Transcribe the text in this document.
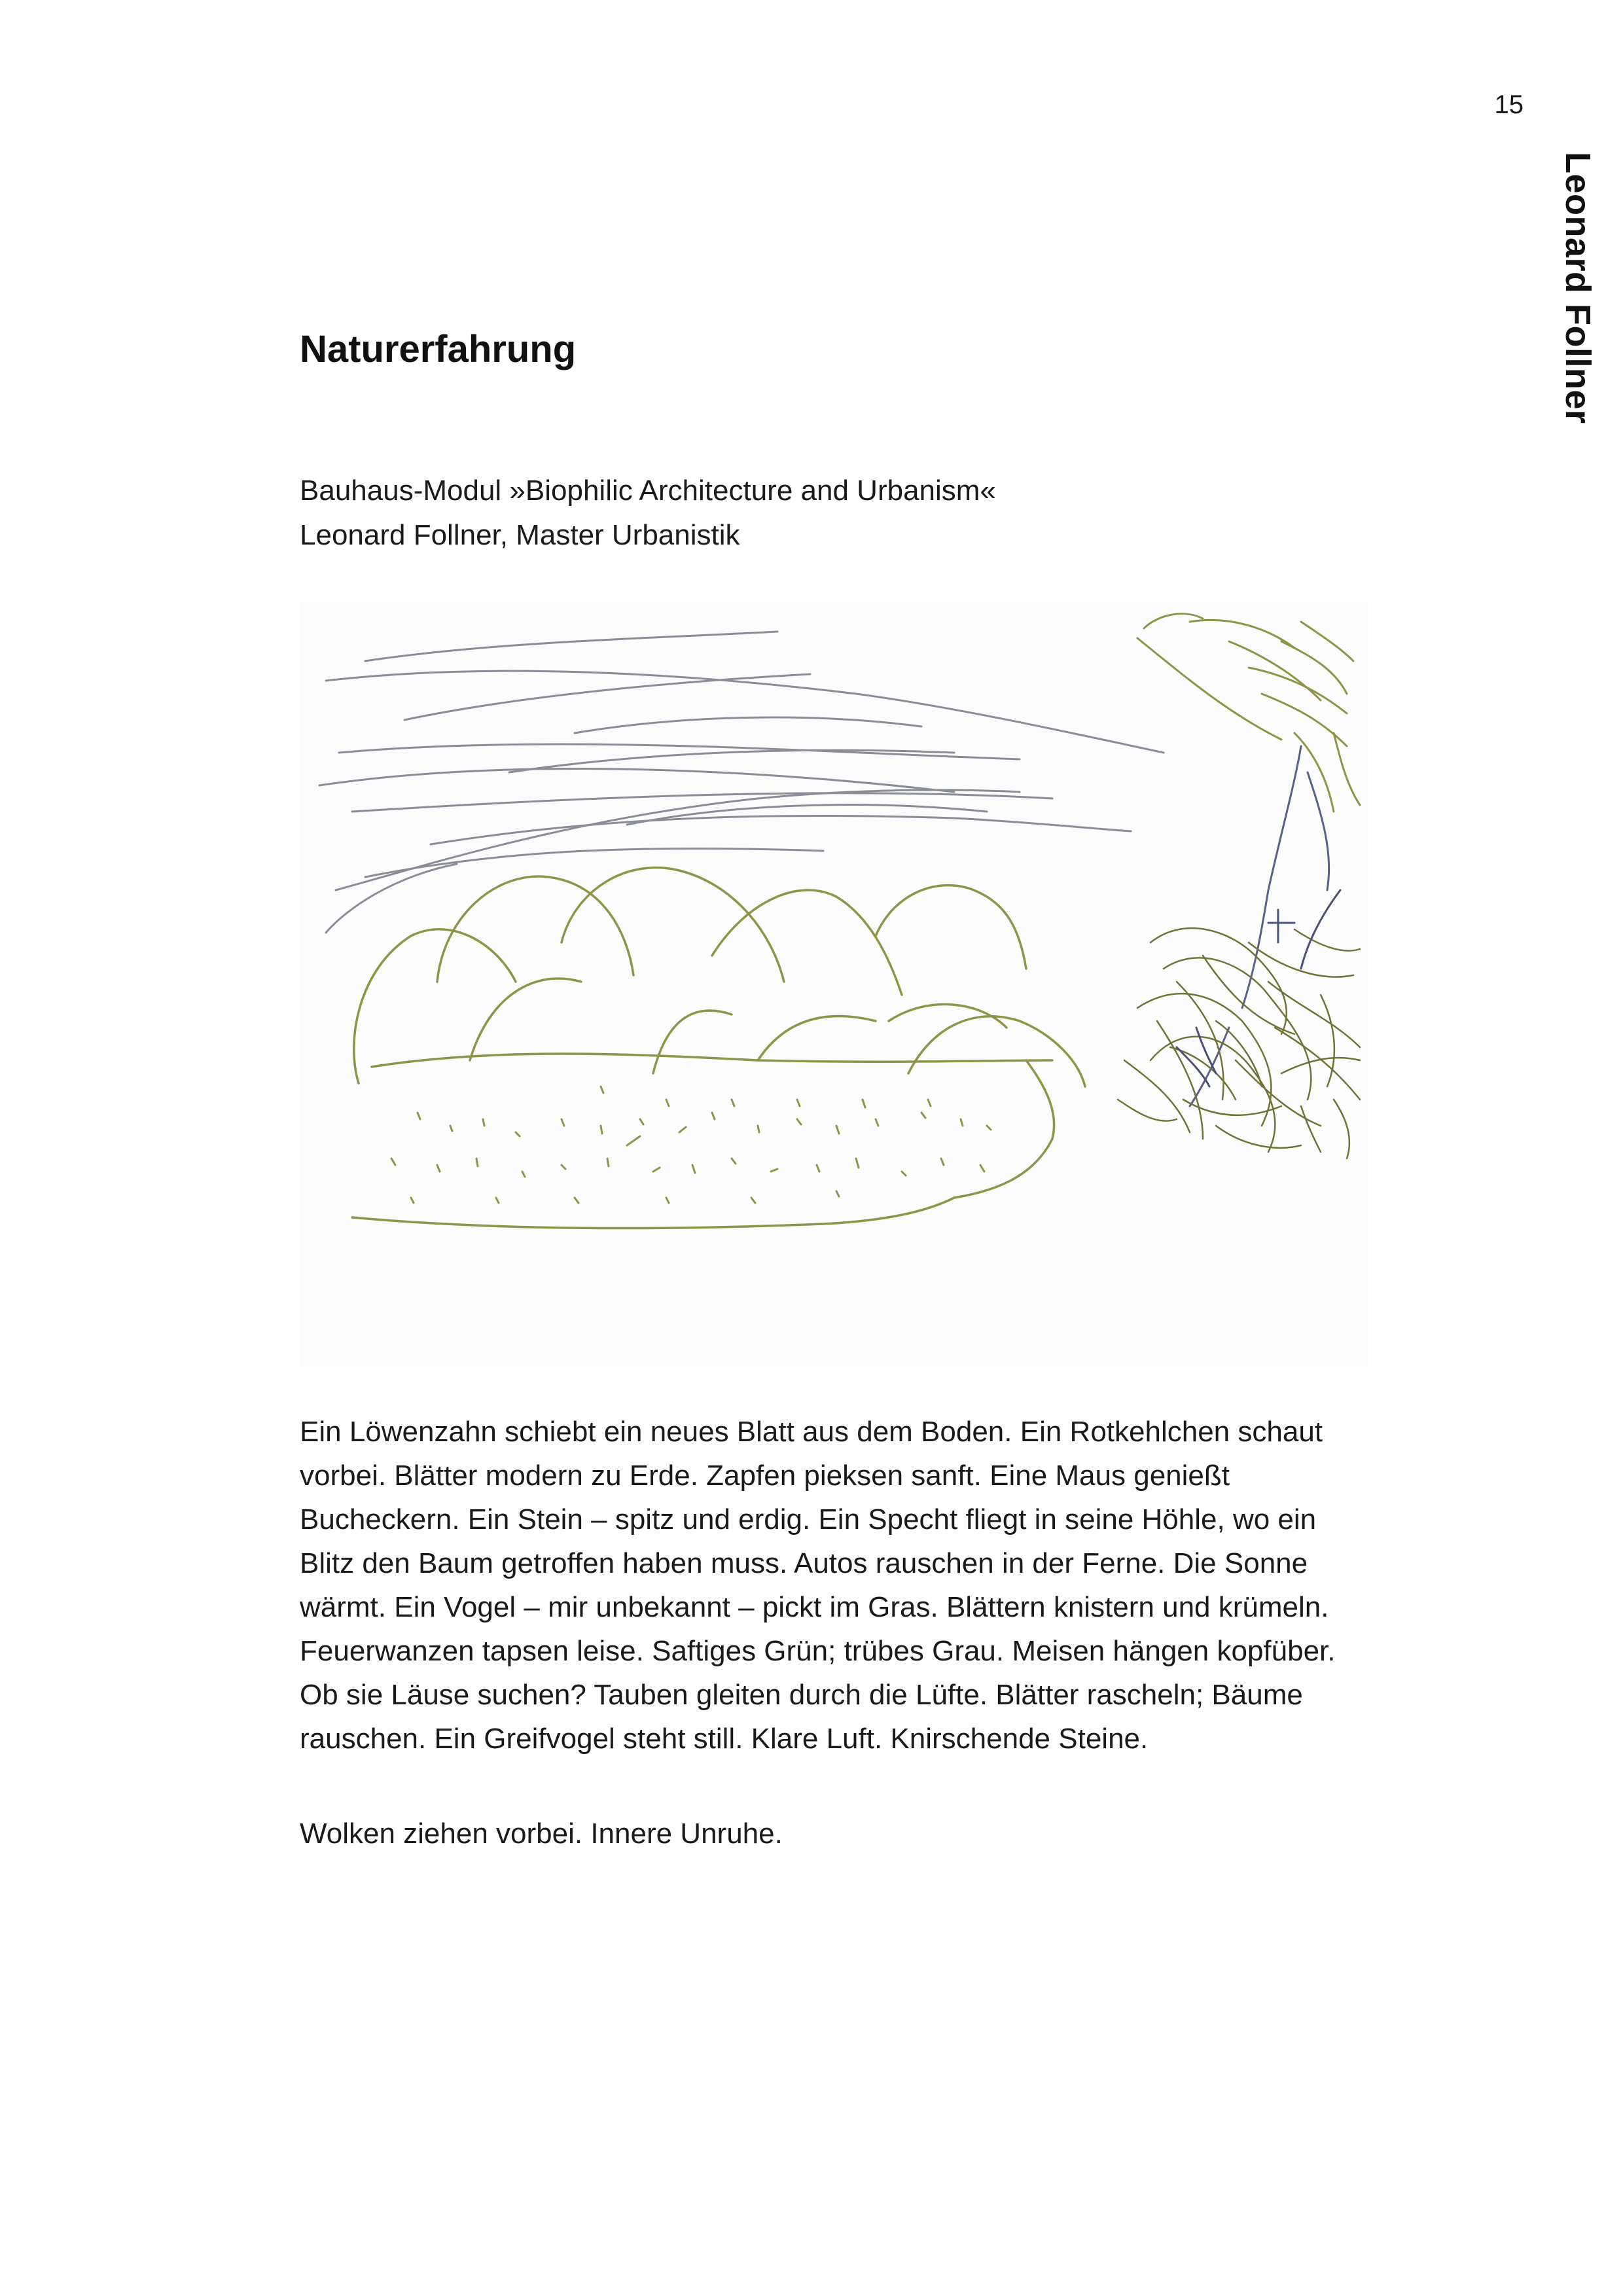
15
Leonard Follner
Naturerfahrung
Bauhaus-Modul »Biophilic Architecture and Urbanism«
Leonard Follner, Master Urbanistik

Ein Löwenzahn schiebt ein neues Blatt aus dem Boden. Ein Rotkehlchen schaut vorbei. Blätter modern zu Erde. Zapfen pieksen sanft. Eine Maus genießt Bucheckern. Ein Stein – spitz und erdig. Ein Specht fliegt in seine Höhle, wo ein Blitz den Baum getroffen haben muss. Autos rauschen in der Ferne. Die Sonne wärmt. Ein Vogel – mir unbekannt – pickt im Gras. Blättern knistern und krümeln. Feuerwanzen tapsen leise. Saftiges Grün; trübes Grau. Meisen hängen kopfüber. Ob sie Läuse suchen? Tauben gleiten durch die Lüfte. Blätter rascheln; Bäume rauschen. Ein Greifvogel steht still. Klare Luft. Knirschende Steine.

Wolken ziehen vorbei. Innere Unruhe.
